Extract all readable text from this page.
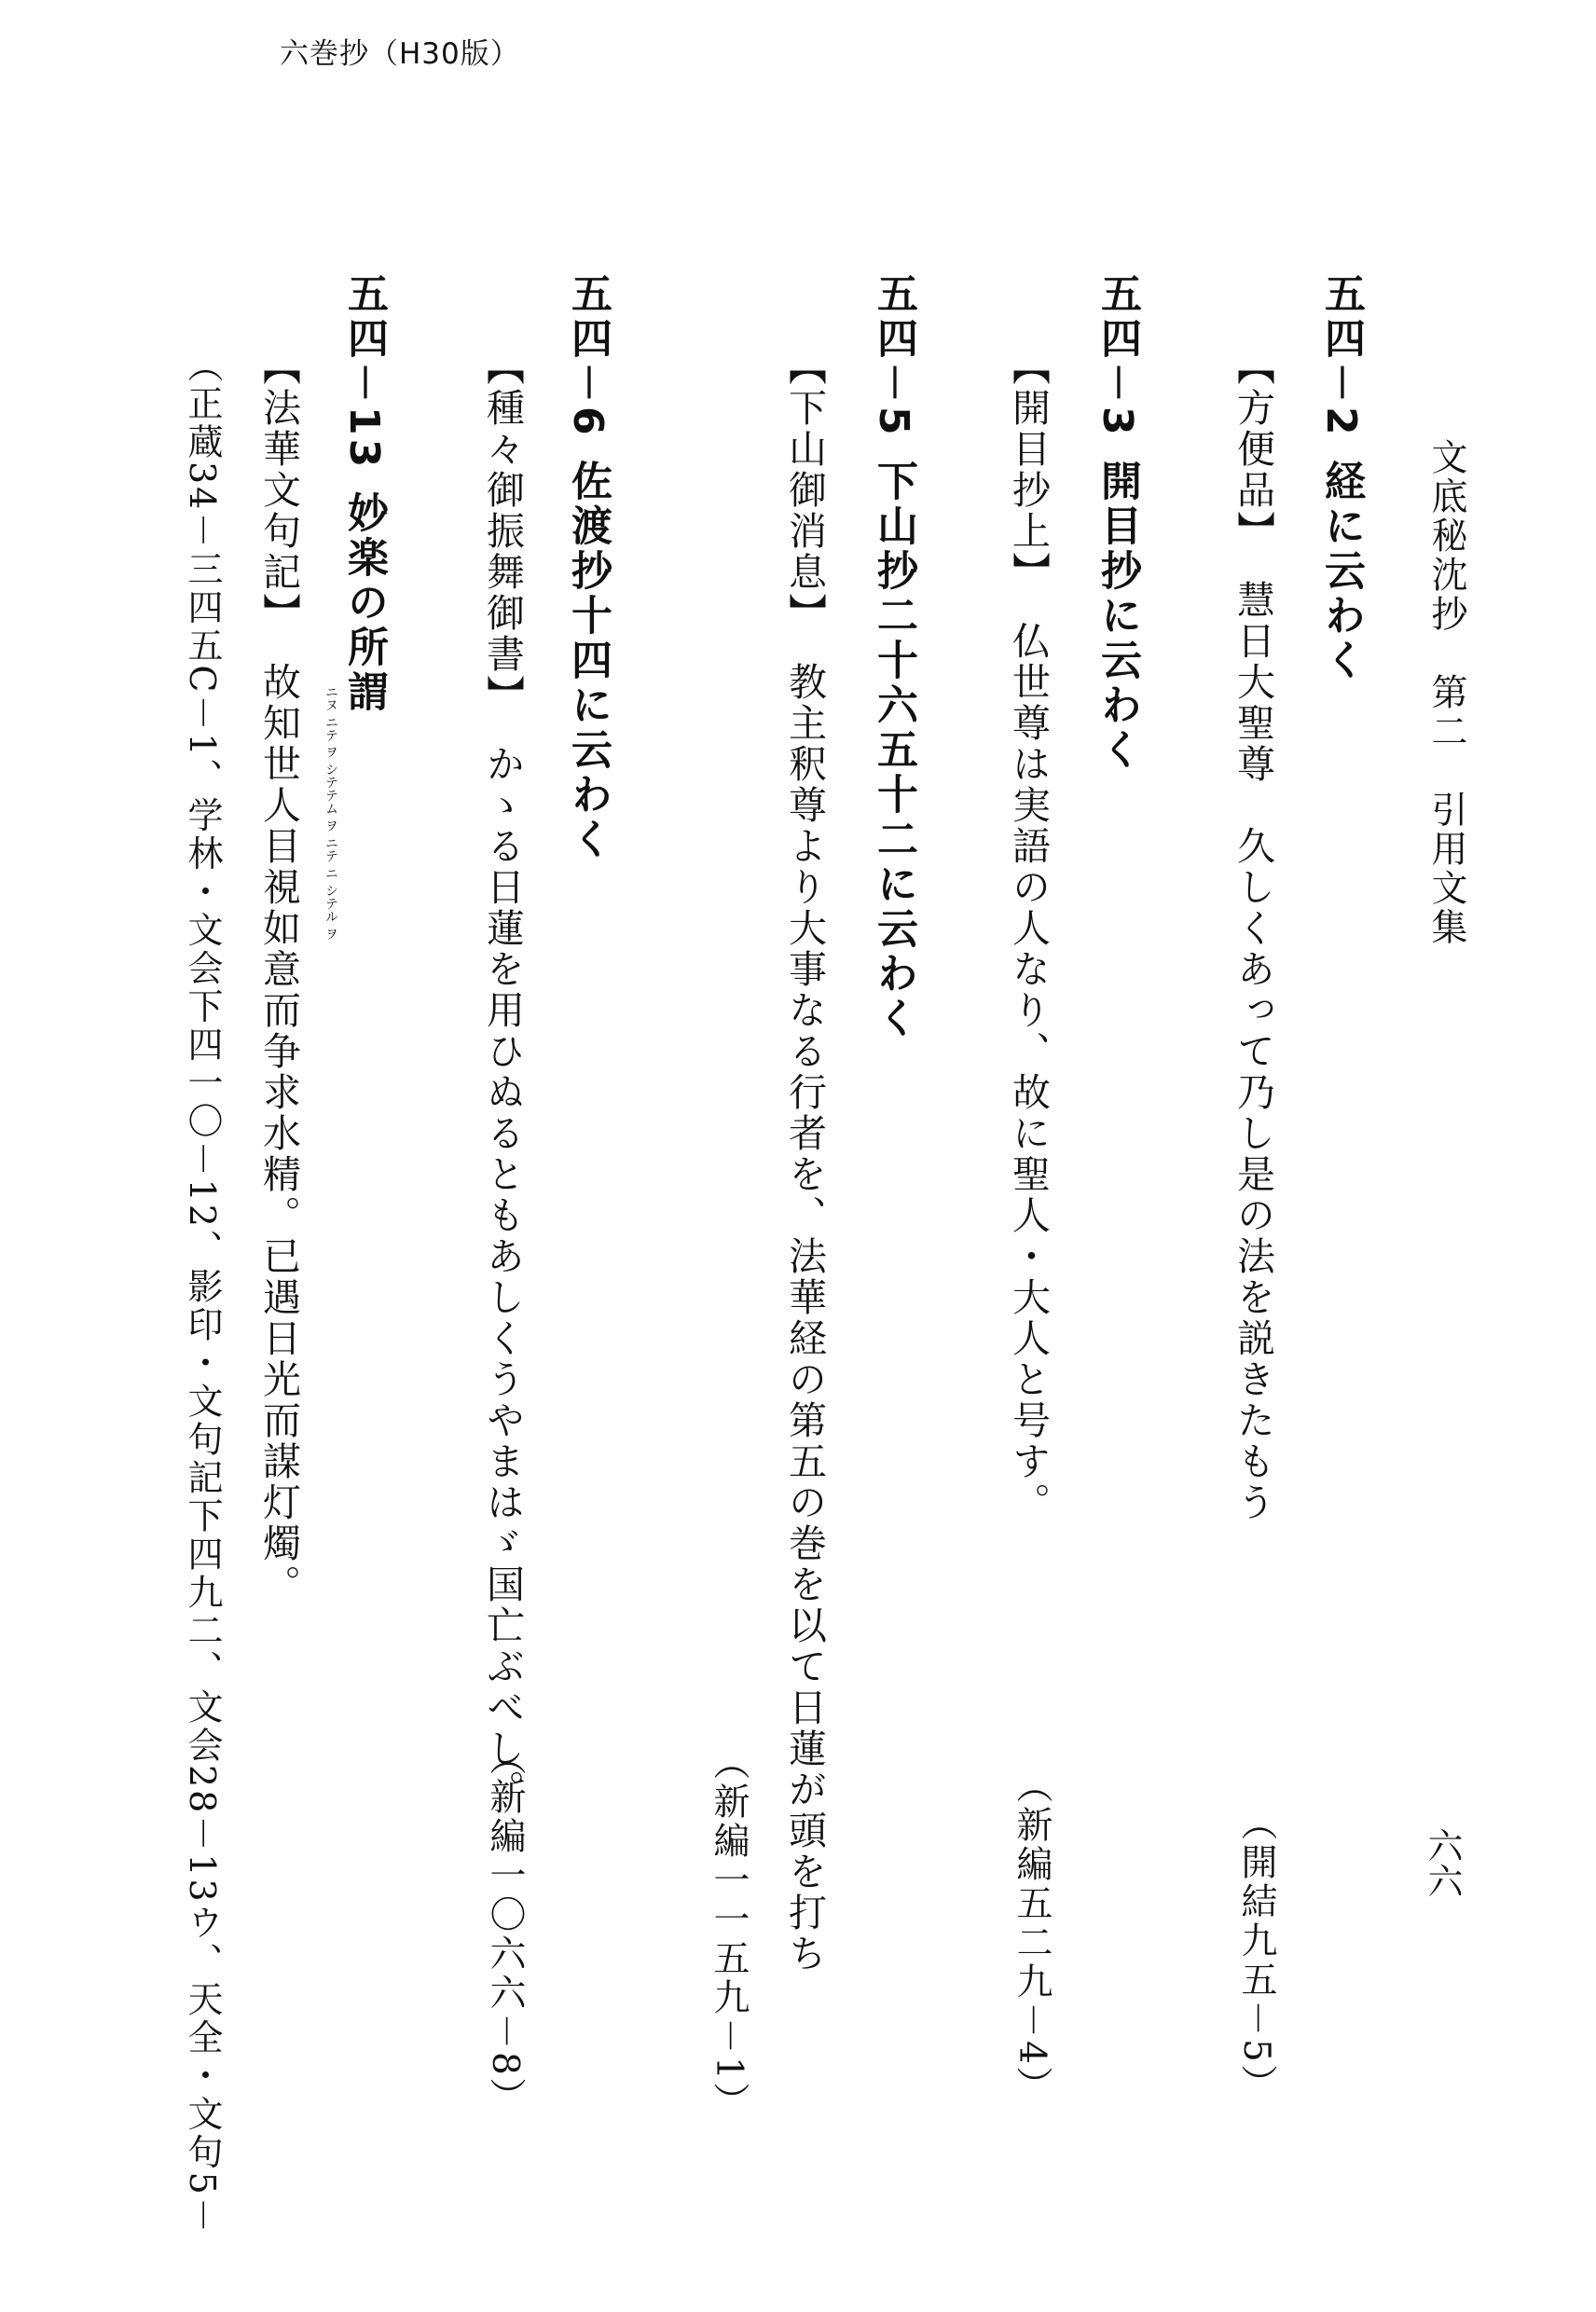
六巻抄（H30版）
文底秘沈抄　第二　引用文集
六六
五四－2経に云わく
【方便品】慧日大聖尊　久しくあって乃し是の法を説きたもう
（開結九五－5）
五四－3開目抄に云わく
【開目抄上】仏世尊は実語の人なり、故に聖人・大人と号す。
（新編五二九－4）
五四－5下山抄二十六五十二に云わく
【下山御消息】教主釈尊より大事なる行者を、法華経の第五の巻を以て日蓮が頭を打ち
（新編一一五九－1）
五四－6佐渡抄十四に云わく
【種々御振舞御書】かゝる日蓮を用ひぬるともあしくうやまはゞ国亡ぶべし。
（新編一〇六六－8）
五四－13妙楽の所謂
【法華文句記】故知世人目視如意而争求水精。已遇日光而謀灯燭。 ニヌ ニテ ヲ シテテム ヲ ニテ ニ シテル ヲ
（正蔵34－三四五C－1、学林・文会下四一〇－12、影印・文句記下四九二、文会28－13ウ、天全・文句5－
